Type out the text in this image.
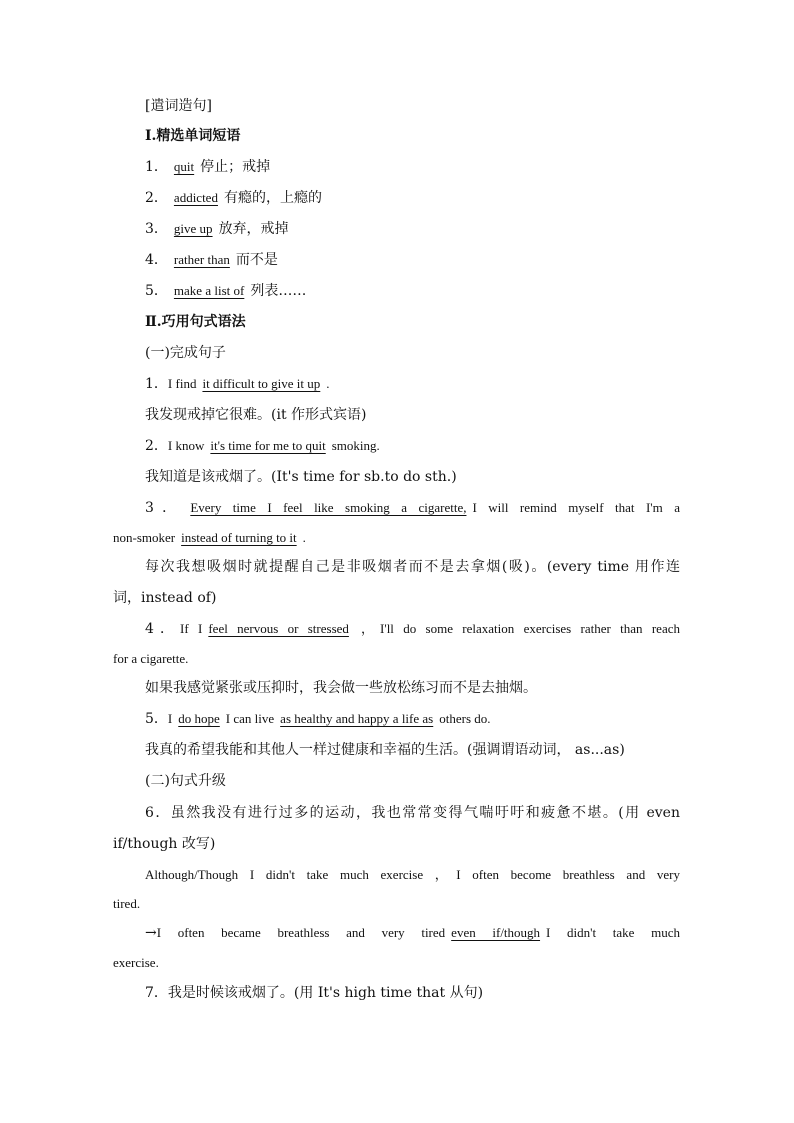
[遣词造句]
Ⅰ.精选单词短语
1． quit 停止；戒掉
2． addicted 有瘾的，上瘾的
3． give up 放弃，戒掉
4． rather than 而不是
5． make a list of 列表……
Ⅱ.巧用句式语法
(一)完成句子
1．I find it difficult to give it up .
我发现戒掉它很难。(it 作形式宾语)
2．I know it's time for me to quit smoking.
我知道是该戒烟了。(It's time for sb.to do sth.)
3． Every time I feel like smoking a cigarette, I will remind myself that I'm a
non-smoker instead of turning to it .
每次我想吸烟时就提醒自己是非吸烟者而不是去拿烟(吸)。(every time 用作连
词，instead of)
4．If I feel nervous or stressed ，I'll do some relaxation exercises rather than reach
for a cigarette.
如果我感觉紧张或压抑时，我会做一些放松练习而不是去抽烟。
5．I do hope I can live as healthy and happy a life as others do.
我真的希望我能和其他人一样过健康和幸福的生活。(强调谓语动词， as...as)
(二)句式升级
6．虽然我没有进行过多的运动，我也常常变得气喘吁吁和疲惫不堪。(用 even
if/though 改写)
Although/Though I didn't take much exercise ，I often become breathless and very
tired.
→I often became breathless and very tired even if/though I didn't take much
exercise.
7．我是时候该戒烟了。(用 It's high time that 从句)
